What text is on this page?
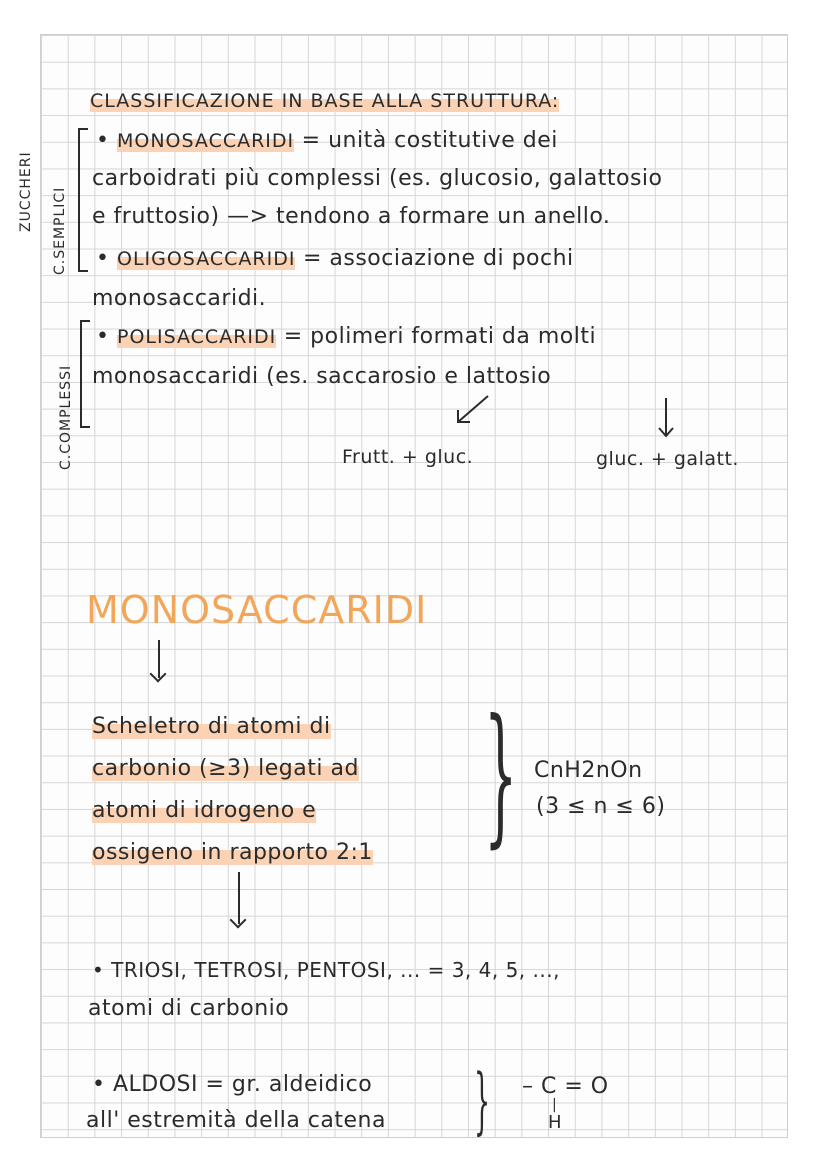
CLASSIFICAZIONE IN BASE ALLA STRUTTURA:
ZUCCHERI C.SEMPLICI
• MONOSACCARIDI = unità costitutive dei
carboidrati più complessi (es. glucosio, galattosio
e fruttosio) —> tendono a formare un anello.
• OLIGOSACCARIDI = associazione di pochi
monosaccaridi.
C.COMPLESSI
• POLISACCARIDI = polimeri formati da molti
monosaccaridi (es. saccarosio e lattosio
Frutt. + gluc.	gluc. + galatt.
MONOSACCARIDI
Scheletro di atomi di
carbonio (≥3) legati ad
atomi di idrogeno e
ossigeno in rapporto 2:1 } CnH2nOn
(3 ≤ n ≤ 6)
• TRIOSI, TETROSI, PENTOSI, ... = 3, 4, 5, ...,
atomi di carbonio
• ALDOSI = gr. aldeidico
all' estremità della catena } – C = O
|
H
